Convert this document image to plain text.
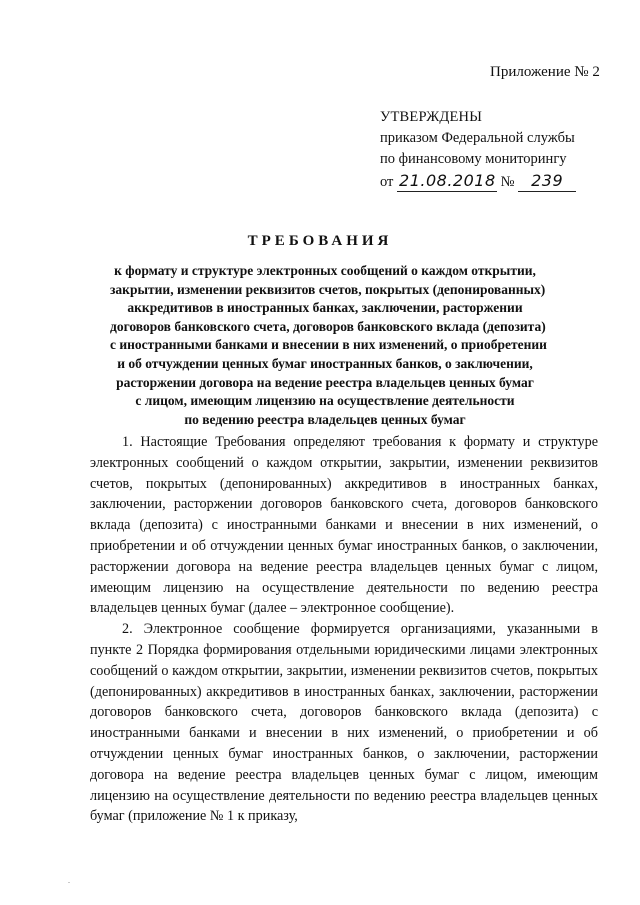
Приложение № 2
УТВЕРЖДЕНЫ
приказом Федеральной службы
по финансовому мониторингу
от 21.08.2018 № 239
ТРЕБОВАНИЯ
к формату и структуре электронных сообщений о каждом открытии,
закрытии, изменении реквизитов счетов, покрытых (депонированных)
аккредитивов в иностранных банках, заключении, расторжении
договоров банковского счета, договоров банковского вклада (депозита)
с иностранными банками и внесении в них изменений, о приобретении
и об отчуждении ценных бумаг иностранных банков, о заключении,
расторжении договора на ведение реестра владельцев ценных бумаг
с лицом, имеющим лицензию на осуществление деятельности
по ведению реестра владельцев ценных бумаг

1. Настоящие Требования определяют требования к формату и структуре электронных сообщений о каждом открытии, закрытии, изменении реквизитов счетов, покрытых (депонированных) аккредитивов в иностранных банках, заключении, расторжении договоров банковского счета, договоров банковского вклада (депозита) с иностранными банками и внесении в них изменений, о приобретении и об отчуждении ценных бумаг иностранных банков, о заключении, расторжении договора на ведение реестра владельцев ценных бумаг с лицом, имеющим лицензию на осуществление деятельности по ведению реестра владельцев ценных бумаг (далее – электронное сообщение).

2. Электронное сообщение формируется организациями, указанными в пункте 2 Порядка формирования отдельными юридическими лицами электронных сообщений о каждом открытии, закрытии, изменении реквизитов счетов, покрытых (депонированных) аккредитивов в иностранных банках, заключении, расторжении договоров банковского счета, договоров банковского вклада (депозита) с иностранными банками и внесении в них изменений, о приобретении и об отчуждении ценных бумаг иностранных банков, о заключении, расторжении договора на ведение реестра владельцев ценных бумаг с лицом, имеющим лицензию на осуществление деятельности по ведению реестра владельцев ценных бумаг (приложение № 1 к приказу,

.
